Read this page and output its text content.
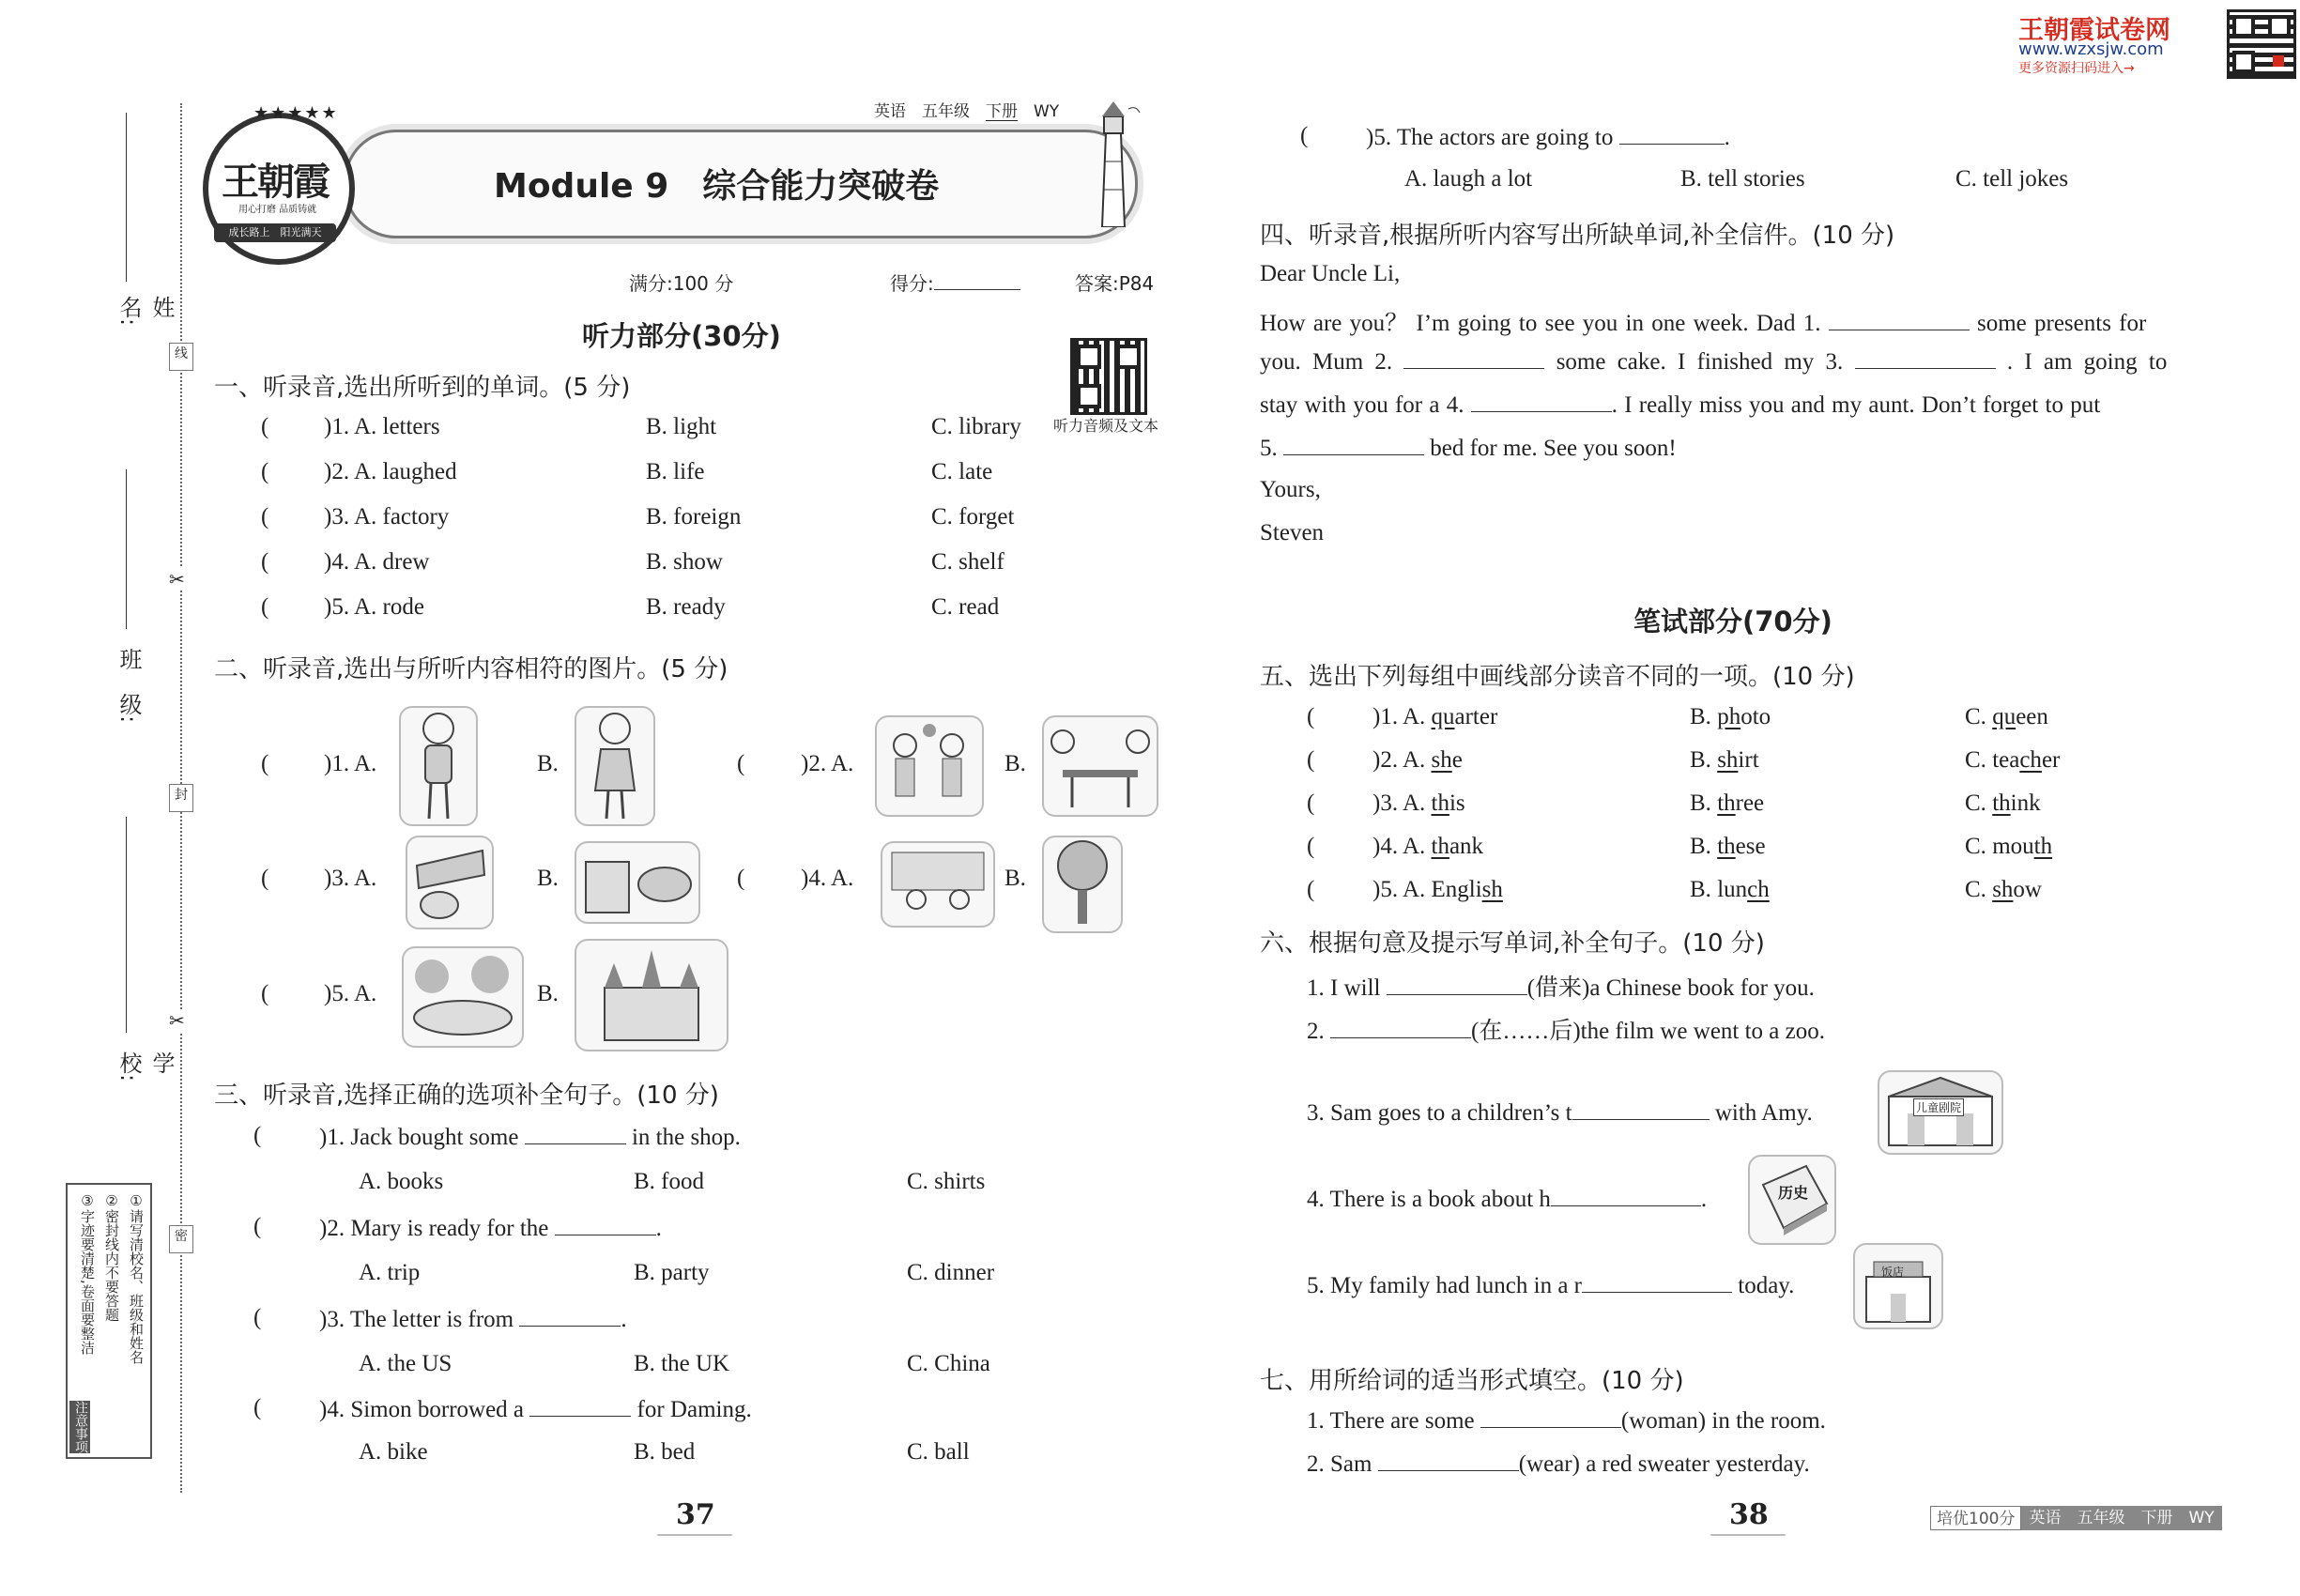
线
封
密
✂
✂
姓　名:
班　级:
学　校:
注意事项
①请写清校名、班级和姓名
②密封线内不要答题
③字迹要清楚,卷面要整洁
★★★★★
王朝霞
用心打磨 品质铸就
成长路上　阳光满天
英语　 五年级　 下册　 WY
Module 9　综合能力突破卷
满分:100 分	得分:	答案:P84
听力部分(30分)
听力音频及文本
一、听录音,选出所听到的单词。(5 分)
( )1. A. letters	B. light	C. library
( )2. A. laughed	B. life	C. late
( )3. A. factory	B. foreign	C. forget
( )4. A. drew	B. show	C. shelf
( )5. A. rode	B. ready	C. read
二、听录音,选出与所听内容相符的图片。(5 分)
( )1. A.	B.	( )2. A.	B.
( )3. A.	B.	( )4. A.	B.
( )5. A.	B.
三、听录音,选择正确的选项补全句子。(10 分)
( )1. Jack bought some	in the shop.
A. books	B. food	C. shirts
( )2. Mary is ready for the	.
A. trip	B. party	C. dinner
( )3. The letter is from	.
A. the US	B. the UK	C. China
( )4. Simon borrowed a	for Daming.
A. bike	B. bed	C. ball
37
王朝霞试卷网
www.wzxsjw.com
更多资源扫码进入→
( )5. The actors are going to	.
A. laugh a lot	B. tell stories	C. tell jokes
四、听录音,根据所听内容写出所缺单词,补全信件。(10 分)
Dear Uncle Li,
How are you？ I’m going to see you in one week. Dad 1.	some presents for
you. Mum 2.	some cake. I finished my 3.	. I am going to
stay with you for a 4.	. I really miss you and my aunt. Don’t forget to put
5.	bed for me. See you soon!
Yours,
Steven
笔试部分(70分)
五、选出下列每组中画线部分读音不同的一项。(10 分)
( )1. A. quarter	B. photo	C. queen
( )2. A. she	B. shirt	C. teacher
( )3. A. this	B. three	C. think
( )4. A. thank	B. these	C. mouth
( )5. A. English	B. lunch	C. show
六、根据句意及提示写单词,补全句子。(10 分)
1. I will	(借来)a Chinese book for you.
2.	(在……后)the film we went to a zoo.
3. Sam goes to a children’s t	with Amy.	儿童剧院
4. There is a book about h	.	历史
5. My family had lunch in a r	today.
饭店
七、用所给词的适当形式填空。(10 分)
1. There are some	(woman) in the room.
2. Sam	(wear) a red sweater yesterday.
38	培优100分 英语　五年级　下册　WY
